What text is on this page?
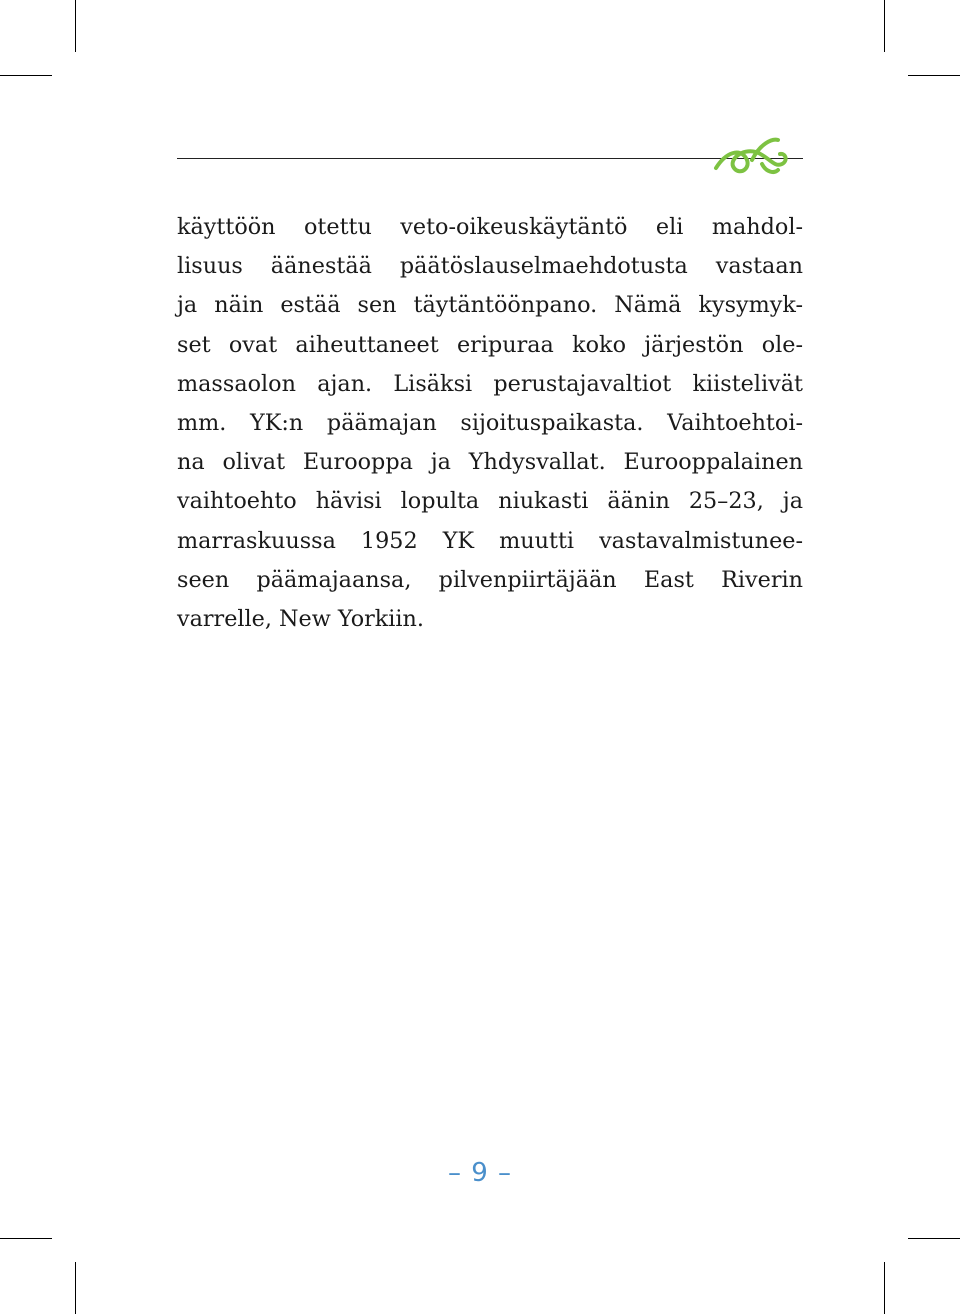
käyttöön otettu veto-oikeuskäytäntö eli mahdol-
lisuus äänestää päätöslauselmaehdotusta vastaan
ja näin estää sen täytäntöönpano. Nämä kysymyk-
set ovat aiheuttaneet eripuraa koko järjestön ole-
massaolon ajan. Lisäksi perustajavaltiot kiistelivät
mm. YK:n päämajan sijoituspaikasta. Vaihtoehtoi-
na olivat Eurooppa ja Yhdysvallat. Eurooppalainen
vaihtoehto hävisi lopulta niukasti äänin 25–23, ja
marraskuussa 1952 YK muutti vastavalmistunee-
seen päämajaansa, pilvenpiirtäjään East Riverin
varrelle, New Yorkiin.

– 9 –
